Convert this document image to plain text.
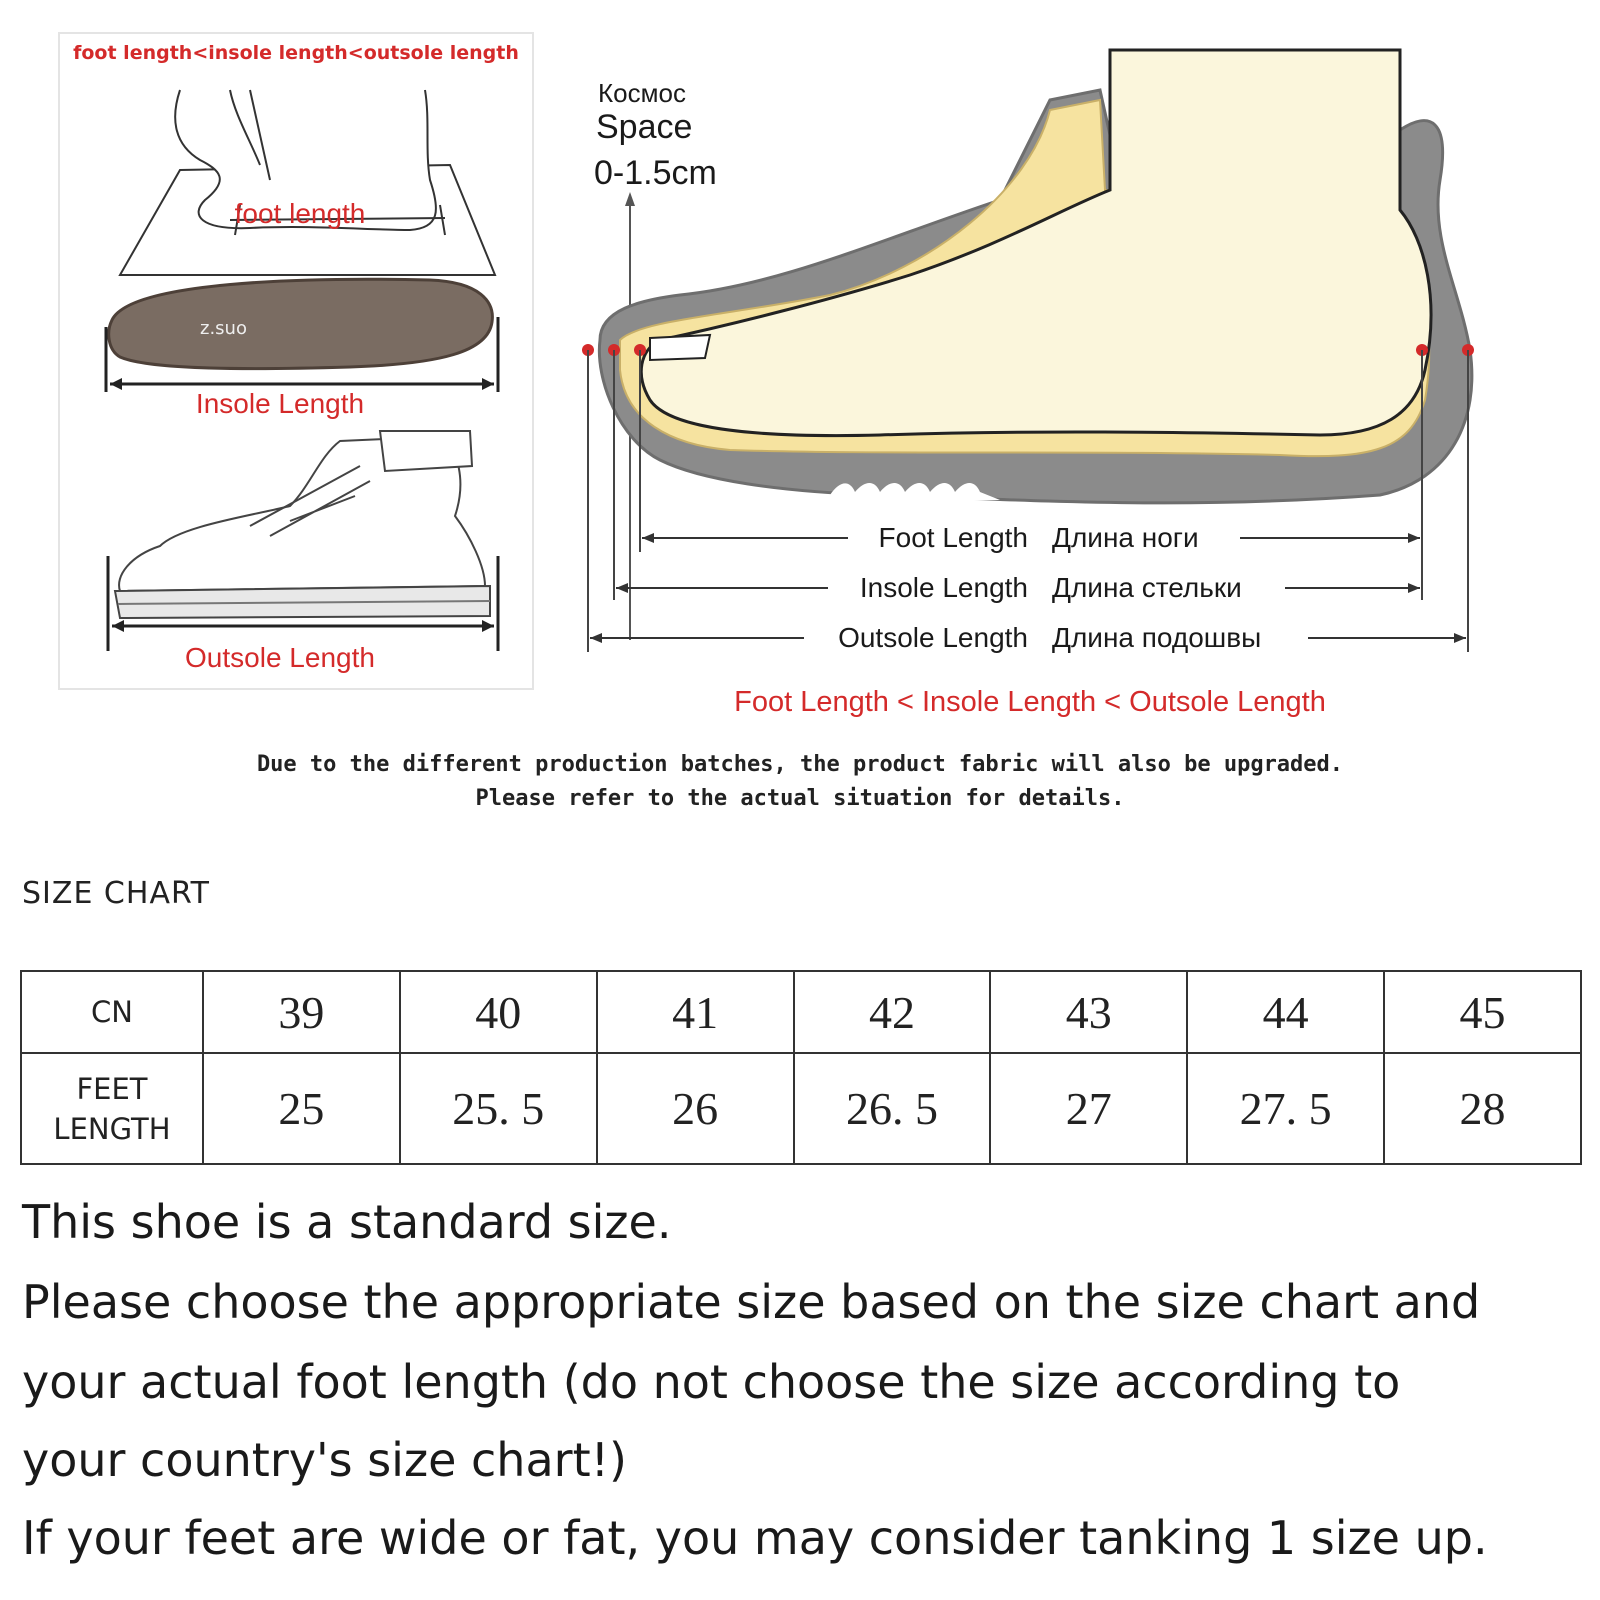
foot length<insole length<outsole length
foot length
z.suo
Insole Length
Outsole Length
Космос
Space
0-1.5cm
Foot Length Длина ноги
Insole Length Длина стельки
Outsole Length Длина подошвы
Foot Length < Insole Length < Outsole Length
Due to the different production batches, the product fabric will also be upgraded.
Please refer to the actual situation for details.
SIZE CHART
CN	39	40	41	42	43	44	45

FEET
LENGTH	25	25. 5	26	26. 5	27	27. 5	28
This shoe is a standard size.
Please choose the appropriate size based on the size chart and
your actual foot length (do not choose the size according to
your country's size chart!)
If your feet are wide or fat, you may consider tanking 1 size up.
